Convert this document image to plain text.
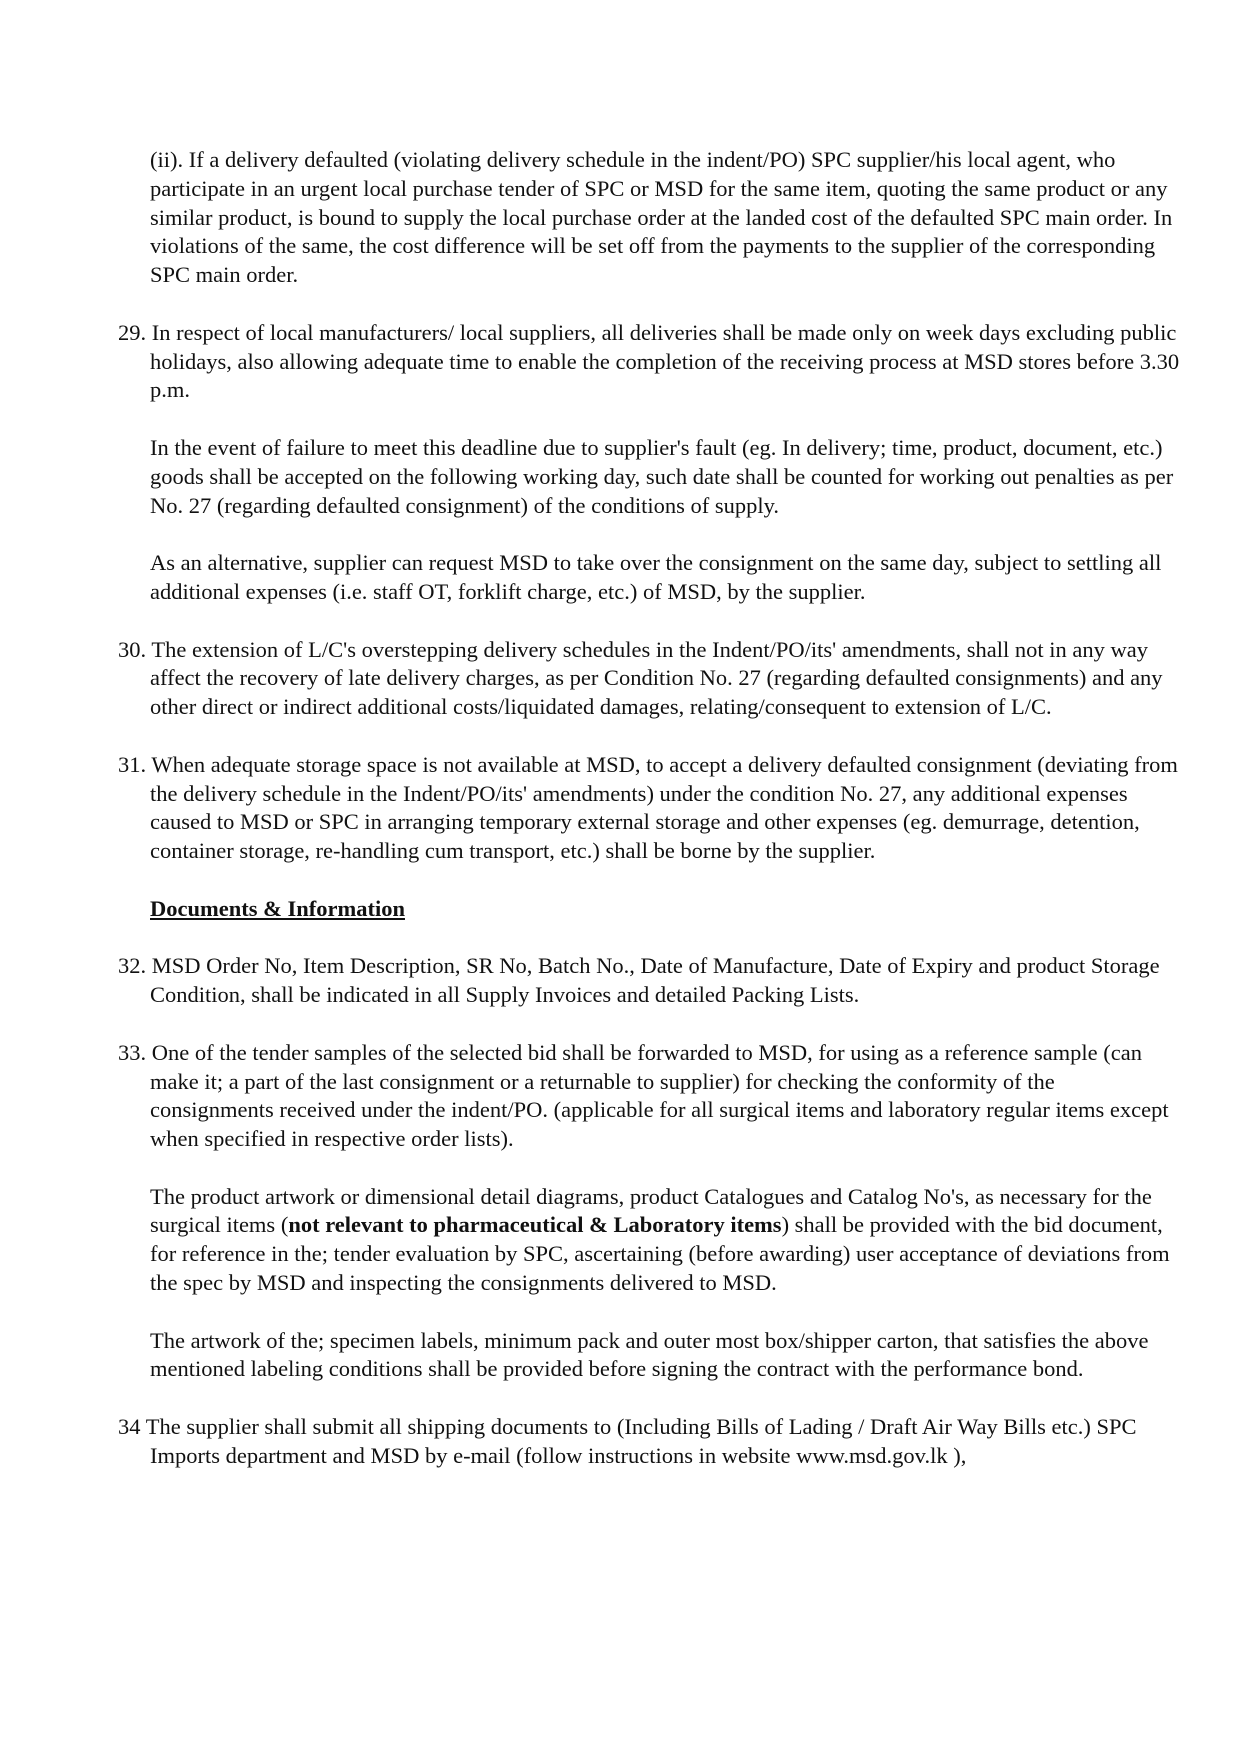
(ii). If a delivery defaulted (violating delivery schedule in the indent/PO) SPC supplier/his local agent, who participate in an urgent local purchase tender of SPC or MSD for the same item, quoting the same product or any similar product, is bound to supply the local purchase order at the landed cost of the defaulted SPC main order. In violations of the same, the cost difference will be set off from the payments to the supplier of the corresponding SPC main order.

29. In respect of local manufacturers/ local suppliers, all deliveries shall be made only on week days excluding public holidays, also allowing adequate time to enable the completion of the receiving process at MSD stores before 3.30 p.m.

In the event of failure to meet this deadline due to supplier's fault (eg. In delivery; time, product, document, etc.) goods shall be accepted on the following working day, such date shall be counted for working out penalties as per No. 27 (regarding defaulted consignment) of the conditions of supply.

As an alternative, supplier can request MSD to take over the consignment on the same day, subject to settling all additional expenses (i.e. staff OT, forklift charge, etc.) of MSD, by the supplier.

30. The extension of L/C's overstepping delivery schedules in the Indent/PO/its' amendments, shall not in any way affect the recovery of late delivery charges, as per Condition No. 27 (regarding defaulted consignments) and any other direct or indirect additional costs/liquidated damages, relating/consequent to extension of L/C.

31. When adequate storage space is not available at MSD, to accept a delivery defaulted consignment (deviating from the delivery schedule in the Indent/PO/its' amendments) under the condition No. 27, any additional expenses caused to MSD or SPC in arranging temporary external storage and other expenses (eg. demurrage, detention, container storage, re-handling cum transport, etc.) shall be borne by the supplier.

Documents & Information

32. MSD Order No, Item Description, SR No, Batch No., Date of Manufacture, Date of Expiry and product Storage Condition, shall be indicated in all Supply Invoices and detailed Packing Lists.

33. One of the tender samples of the selected bid shall be forwarded to MSD, for using as a reference sample (can make it; a part of the last consignment or a returnable to supplier) for checking the conformity of the consignments received under the indent/PO. (applicable for all surgical items and laboratory regular items except when specified in respective order lists).

The product artwork or dimensional detail diagrams, product Catalogues and Catalog No's, as necessary for the surgical items (not relevant to pharmaceutical & Laboratory items) shall be provided with the bid document, for reference in the; tender evaluation by SPC, ascertaining (before awarding) user acceptance of deviations from the spec by MSD and inspecting the consignments delivered to MSD.

The artwork of the; specimen labels, minimum pack and outer most box/shipper carton, that satisfies the above mentioned labeling conditions shall be provided before signing the contract with the performance bond.

34 The supplier shall submit all shipping documents to (Including Bills of Lading / Draft Air Way Bills etc.) SPC Imports department and MSD by e-mail (follow instructions in website www.msd.gov.lk ),
